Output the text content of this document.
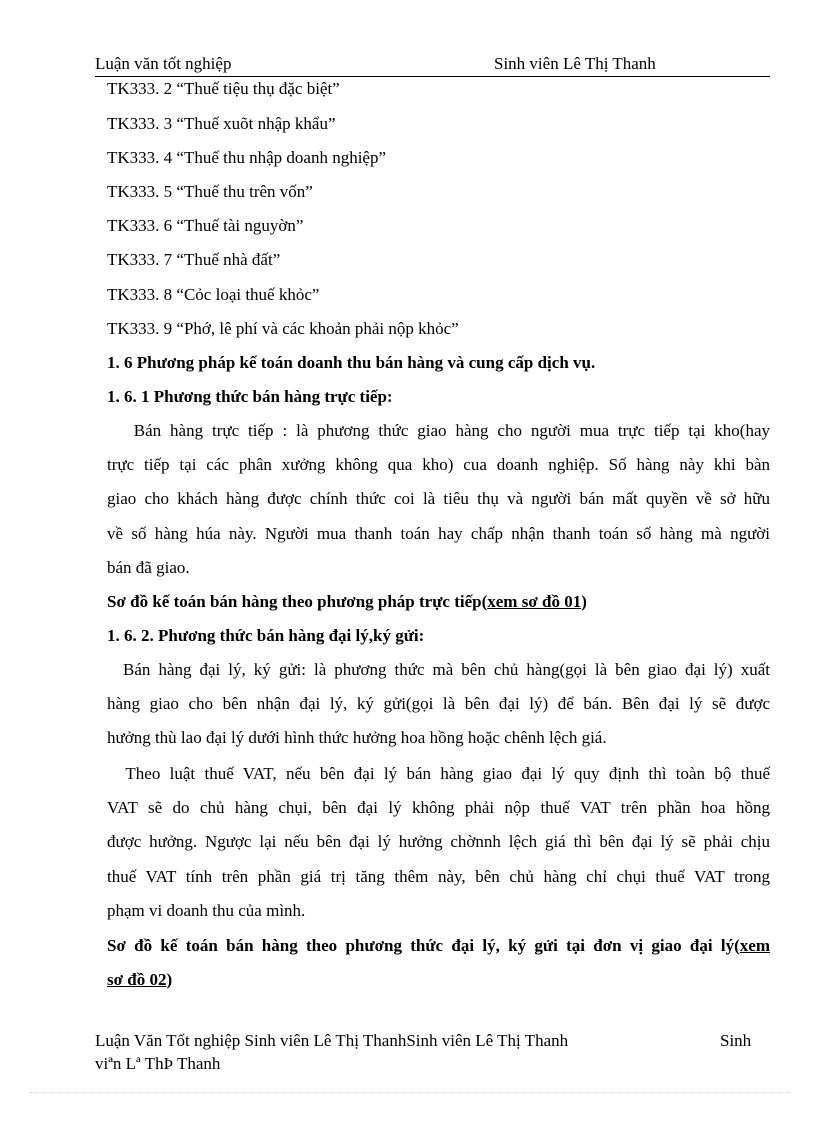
Luận văn tốt nghiệp	Sinh viên Lê Thị Thanh
TK333. 2 “Thuế tiệu thụ đặc biệt”
TK333. 3 “Thuế xuõt nhập khẩu”
TK333. 4 “Thuế thu nhập doanh nghiệp”
TK333. 5 “Thuế thu trên vốn”
TK333. 6 “Thuế tài nguyờn”
TK333. 7 “Thuế nhà đất”
TK333. 8 “Cỏc loại thuế khỏc”
TK333. 9 “Phớ, lê phí và các khoản phải nộp khỏc”
1. 6 Phương pháp kế toán doanh thu bán hàng và cung cấp dịch vụ.
1. 6. 1 Phương thức bán hàng trực tiếp:
Bán hàng trực tiếp : là phương thức giao hàng cho người mua trực tiếp tại kho(hay
trực tiếp tại các phân xưởng không qua kho) cua doanh nghiệp. Số hàng này khi bàn
giao cho khách hàng được chính thức coi là tiêu thụ và người bán mất quyền về sở hữu
về số hàng húa này. Người mua thanh toán hay chấp nhận thanh toán số hàng mà người
bán đã giao.
Sơ đồ kế toán bán hàng theo phương pháp trực tiếp(xem sơ đồ 01)
1. 6. 2. Phương thức bán hàng đại lý,ký gửi:
Bán hàng đại lý, ký gửi: là phương thức mà bên chủ hàng(gọi là bên giao đại lý) xuất
hàng giao cho bên nhận đại lý, ký gửi(gọi là bên đại lý) để bán. Bên đại lý sẽ được
hưởng thù lao đại lý dưới hình thức hưởng hoa hồng hoặc chênh lệch giá.
Theo luật thuế VAT, nếu bên đại lý bán hàng giao đại lý quy định thì toàn bộ thuế
VAT sẽ do chủ hàng chụi, bên đại lý không phải nộp thuế VAT trên phần hoa hồng
được hưởng. Ngược lại nếu bên đại lý hưởng chờnnh lệch giá thì bên đại lý sẽ phải chịu
thuế VAT tính trên phần giá trị tăng thêm này, bên chủ hàng chỉ chụi thuế VAT trong
phạm vi doanh thu của mình.
Sơ đồ kế toán bán hàng theo phương thức đại lý, ký gửi tại đơn vị giao đại lý(xem
sơ đồ 02)
Luận Văn Tốt nghiệp Sinh viên Lê Thị ThanhSinh viên Lê Thị Thanh	Sinh
viªn Lª ThÞ Thanh
